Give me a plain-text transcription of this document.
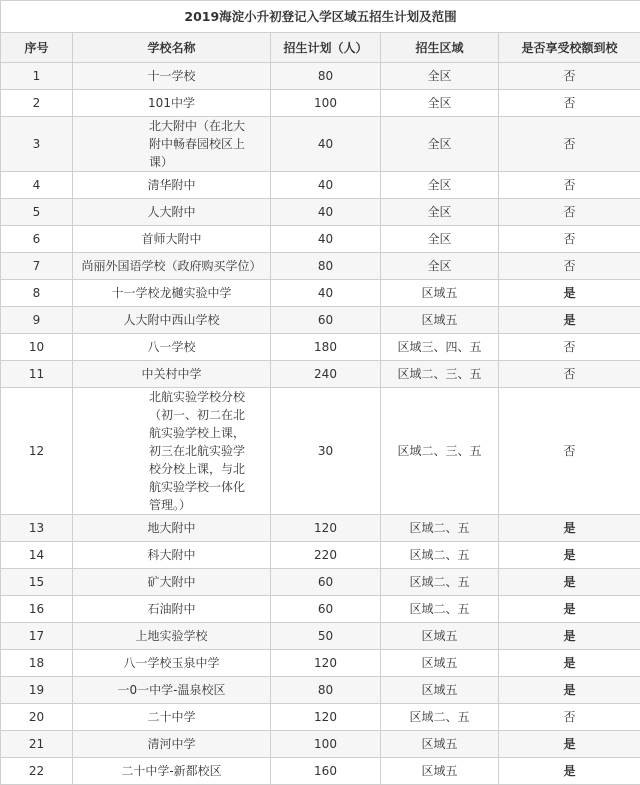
2019海淀小升初登记入学区域五招生计划及范围				
序号	学校名称	招生计划（人）	招生区域	是否享受校额到校
1	十一学校	80	全区	否
2	101中学	100	全区	否
3	北大附中（在北大附中畅春园校区上课）	40	全区	否
4	清华附中	40	全区	否
5	人大附中	40	全区	否
6	首师大附中	40	全区	否
7	尚丽外国语学校（政府购买学位）	80	全区	否
8	十一学校龙樾实验中学	40	区域五	是
9	人大附中西山学校	60	区域五	是
10	八一学校	180	区域三、四、五	否
11	中关村中学	240	区域二、三、五	否
12	北航实验学校分校（初一、初二在北航实验学校上课，初三在北航实验学校分校上课，与北航实验学校一体化管理。）	30	区域二、三、五	否
13	地大附中	120	区域二、五	是
14	科大附中	220	区域二、五	是
15	矿大附中	60	区域二、五	是
16	石油附中	60	区域二、五	是
17	上地实验学校	50	区域五	是
18	八一学校玉泉中学	120	区域五	是
19	一0一中学-温泉校区	80	区域五	是
20	二十中学	120	区域二、五	否
21	清河中学	100	区域五	是
22	二十中学-新都校区	160	区域五	是
